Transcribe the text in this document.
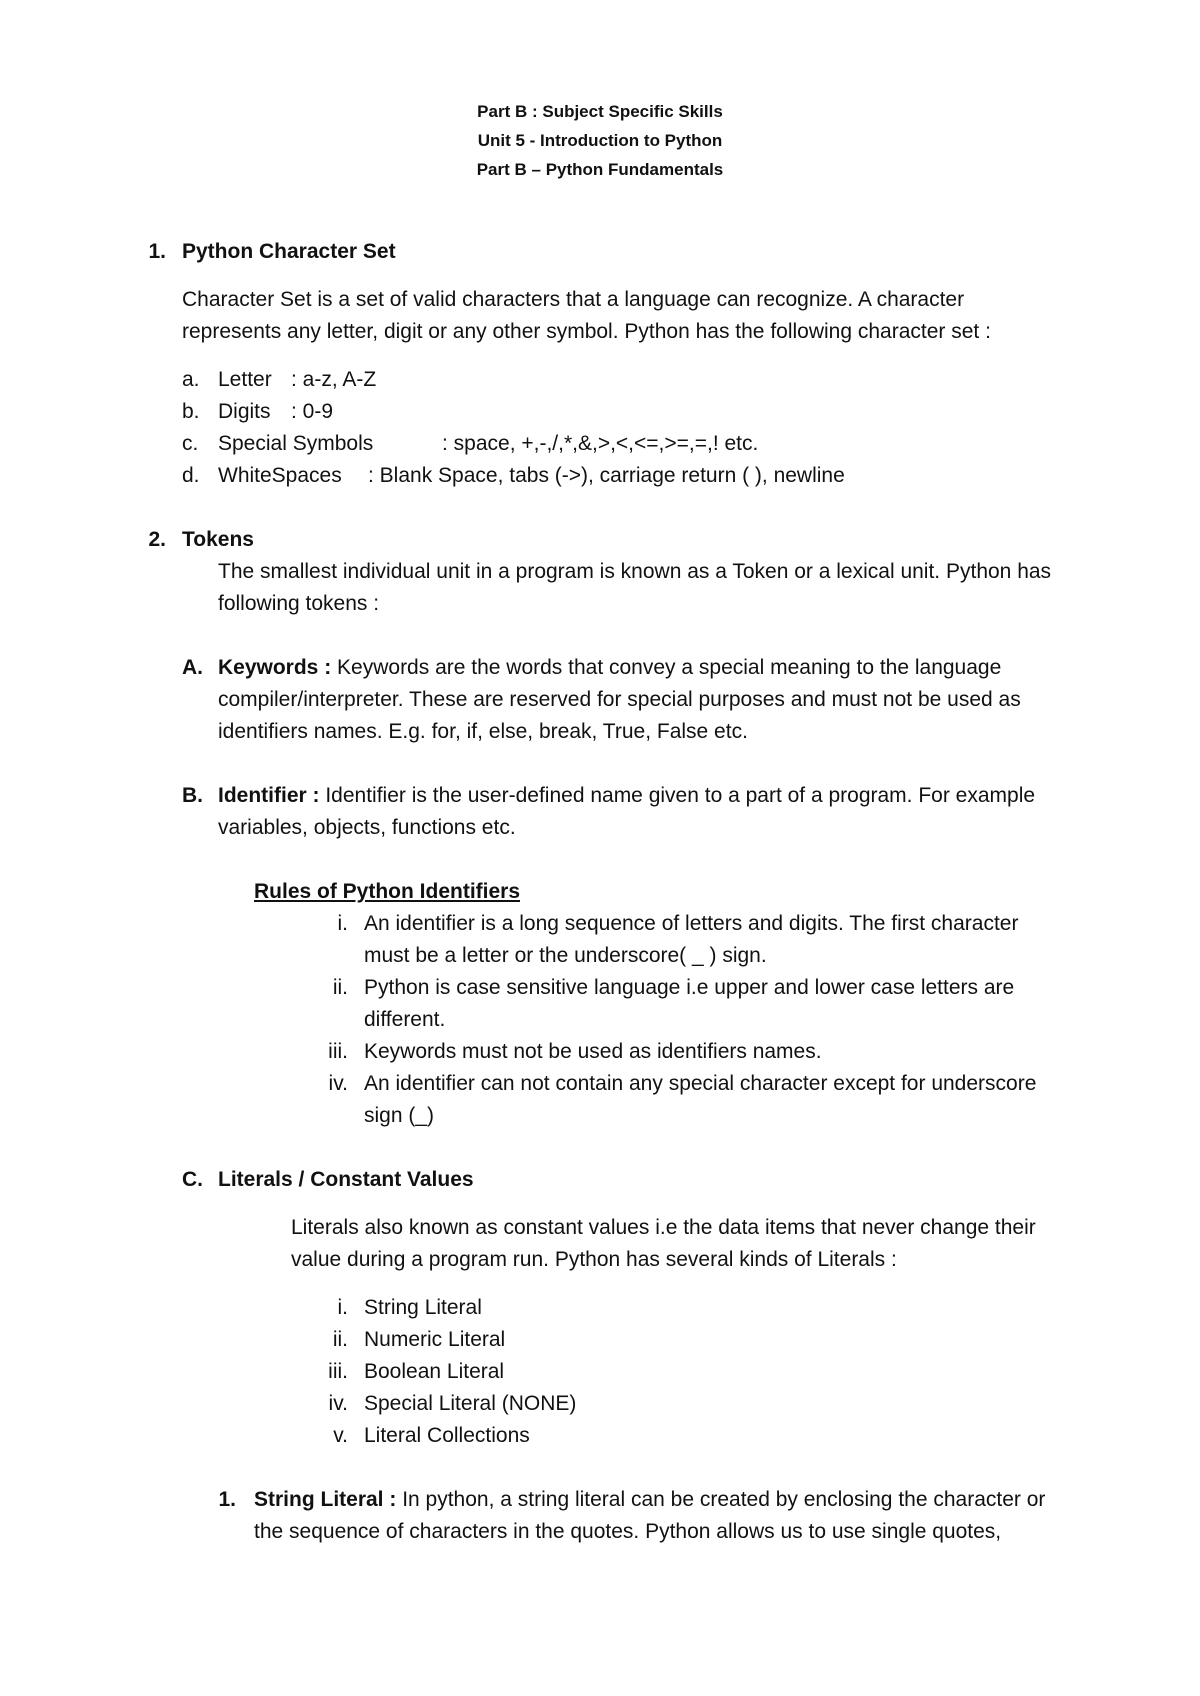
Part B : Subject Specific Skills
Unit 5 - Introduction to Python
Part B – Python Fundamentals
1. Python Character Set
Character Set is a set of valid characters that a language can recognize. A character
represents any letter, digit or any other symbol. Python has the following character set :
a. Letter : a-z, A-Z
b. Digits : 0-9
c. Special Symbols	: space, +,-,/,*,&,>,<,<=,>=,=,! etc.
d. WhiteSpaces : Blank Space, tabs (->), carriage return ( ), newline
2. Tokens
The smallest individual unit in a program is known as a Token or a lexical unit. Python has
following tokens :
A. Keywords : Keywords are the words that convey a special meaning to the language
compiler/interpreter. These are reserved for special purposes and must not be used as
identifiers names. E.g. for, if, else, break, True, False etc.
B. Identifier : Identifier is the user-defined name given to a part of a program. For example
variables, objects, functions etc.
Rules of Python Identifiers
i. An identifier is a long sequence of letters and digits. The first character
must be a letter or the underscore( _ ) sign.
ii. Python is case sensitive language i.e upper and lower case letters are
different.
iii. Keywords must not be used as identifiers names.
iv. An identifier can not contain any special character except for underscore
sign (_)
C. Literals / Constant Values
Literals also known as constant values i.e the data items that never change their
value during a program run. Python has several kinds of Literals :
i. String Literal
ii. Numeric Literal
iii. Boolean Literal
iv. Special Literal (NONE)
v. Literal Collections
1. String Literal : In python, a string literal can be created by enclosing the character or
the sequence of characters in the quotes. Python allows us to use single quotes,
